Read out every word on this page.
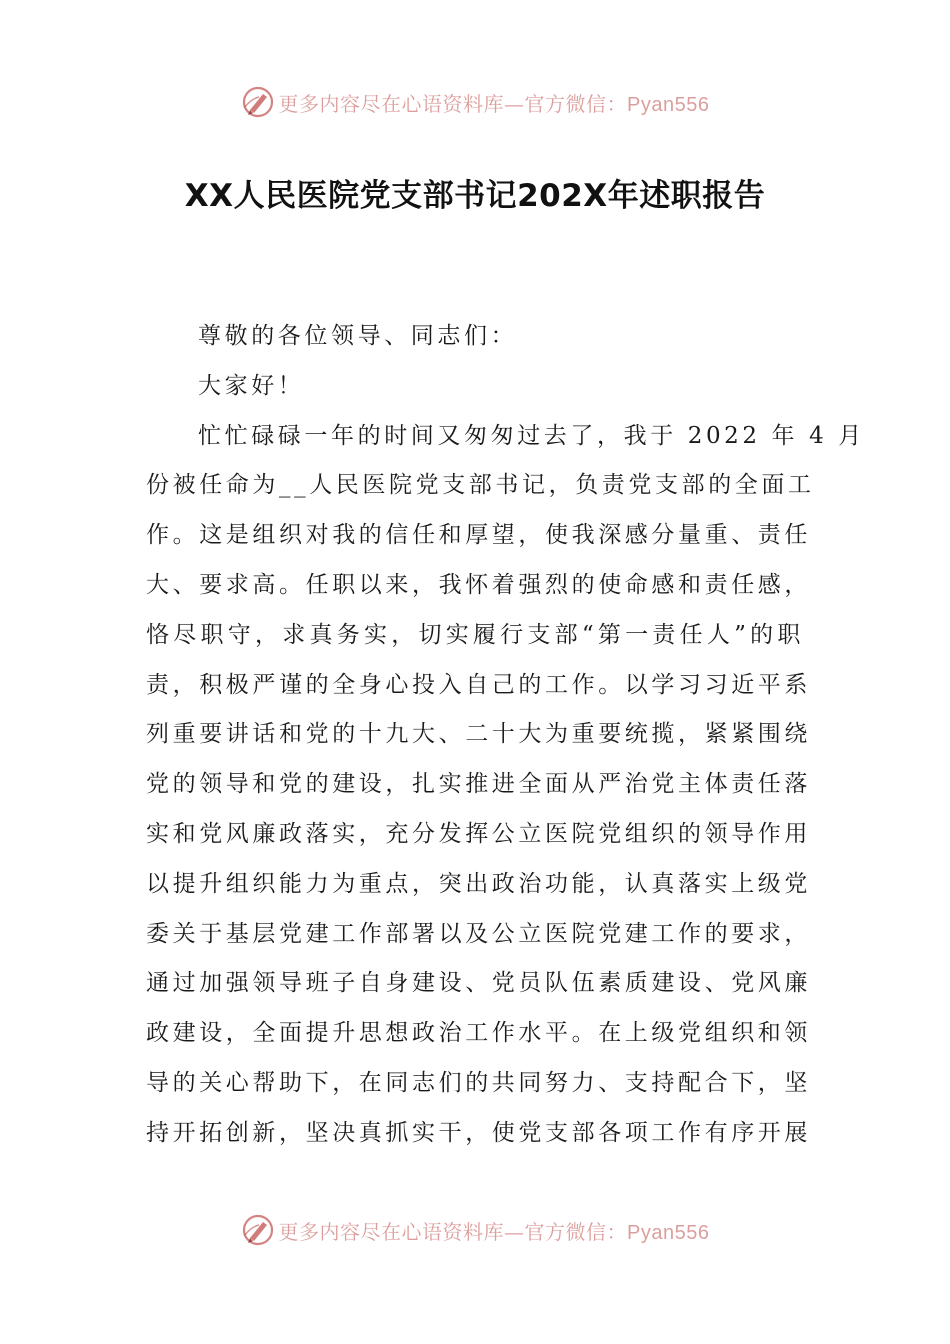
更多内容尽在心语资料库—官方微信：Pyan556
XX人民医院党支部书记202X年述职报告
尊敬的各位领导、同志们：
大家好！
忙忙碌碌一年的时间又匆匆过去了，我于 2022 年 4 月
份被任命为__人民医院党支部书记，负责党支部的全面工
作。这是组织对我的信任和厚望，使我深感分量重、责任
大、要求高。任职以来，我怀着强烈的使命感和责任感，
恪尽职守，求真务实，切实履行支部“第一责任人”的职
责，积极严谨的全身心投入自己的工作。以学习习近平系
列重要讲话和党的十九大、二十大为重要统揽，紧紧围绕
党的领导和党的建设，扎实推进全面从严治党主体责任落
实和党风廉政落实，充分发挥公立医院党组织的领导作用
以提升组织能力为重点，突出政治功能，认真落实上级党
委关于基层党建工作部署以及公立医院党建工作的要求，
通过加强领导班子自身建设、党员队伍素质建设、党风廉
政建设，全面提升思想政治工作水平。在上级党组织和领
导的关心帮助下，在同志们的共同努力、支持配合下，坚
持开拓创新，坚决真抓实干，使党支部各项工作有序开展
更多内容尽在心语资料库—官方微信：Pyan556
